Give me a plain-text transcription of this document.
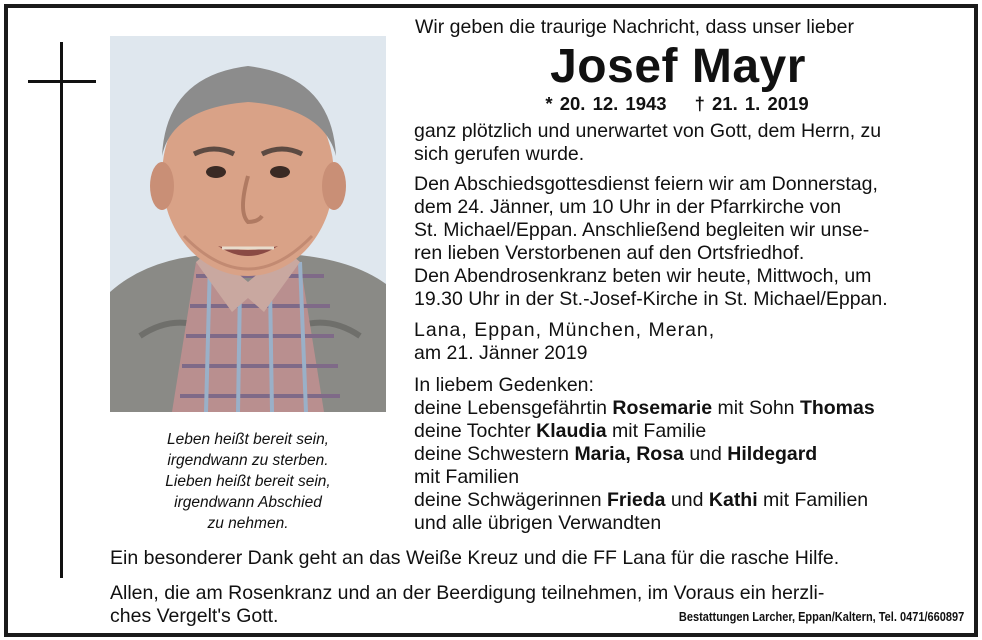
Leben heißt bereit sein,
irgendwann zu sterben.
Lieben heißt bereit sein,
irgendwann Abschied
zu nehmen.
Wir geben die traurige Nachricht, dass unser lieber
Josef Mayr
* 20. 12. 1943 † 21. 1. 2019
ganz plötzlich und unerwartet von Gott, dem Herrn, zu
sich gerufen wurde.
Den Abschiedsgottesdienst feiern wir am Donnerstag,
dem 24. Jänner, um 10 Uhr in der Pfarrkirche von
St. Michael/Eppan. Anschließend begleiten wir unse-
ren lieben Verstorbenen auf den Ortsfriedhof.
Den Abendrosenkranz beten wir heute, Mittwoch, um
19.30 Uhr in der St.-Josef-Kirche in St. Michael/Eppan.
Lana, Eppan, München, Meran,
am 21. Jänner 2019
In liebem Gedenken:
deine Lebensgefährtin Rosemarie mit Sohn Thomas
deine Tochter Klaudia mit Familie
deine Schwestern Maria, Rosa und Hildegard
mit Familien
deine Schwägerinnen Frieda und Kathi mit Familien
und alle übrigen Verwandten
Ein besonderer Dank geht an das Weiße Kreuz und die FF Lana für die rasche Hilfe.
Allen, die am Rosenkranz und an der Beerdigung teilnehmen, im Voraus ein herzli-
ches Vergelt's Gott.	Bestattungen Larcher, Eppan/Kaltern, Tel. 0471/660897
